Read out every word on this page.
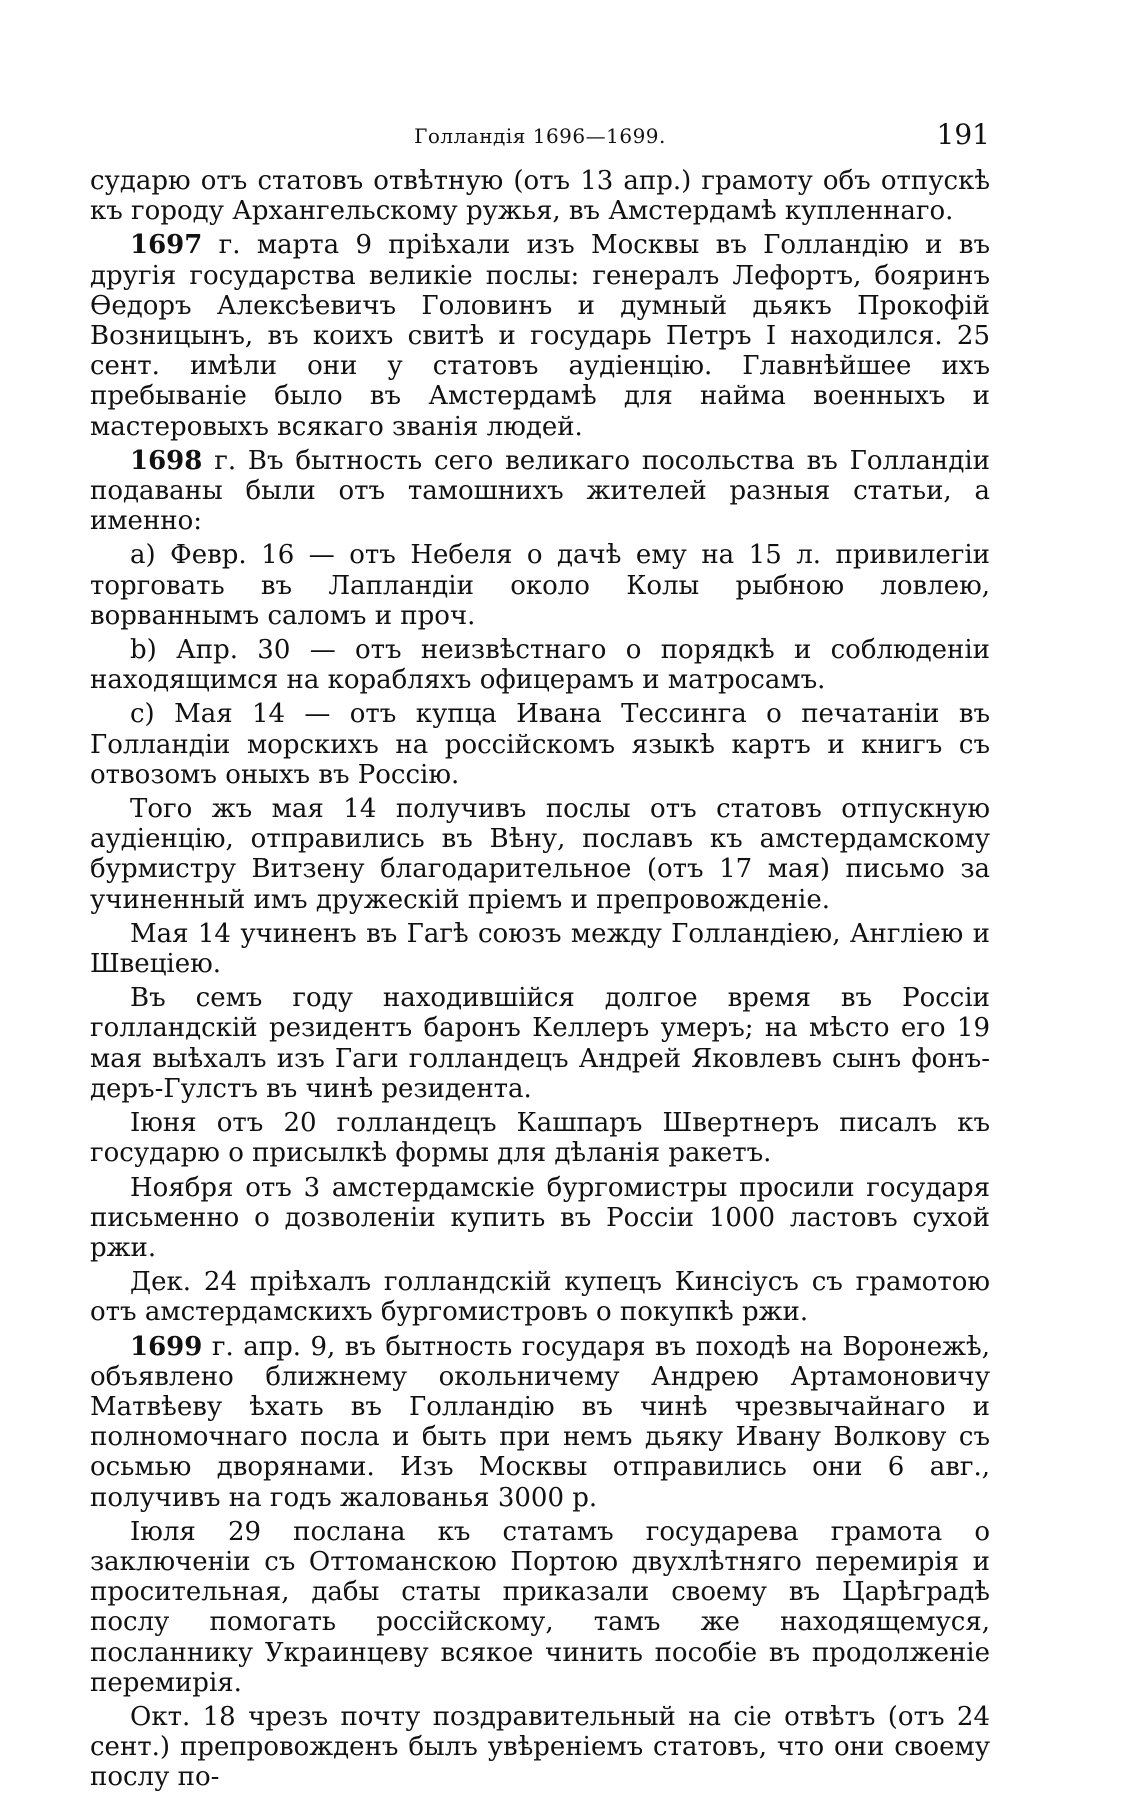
Голландія 1696—1699.	191

сударю отъ статовъ отвѣтную (отъ 13 апр.) грамоту объ отпускѣ къ городу Архангельскому ружья, въ Амстердамѣ купленнаго.

1697 г. марта 9 пріѣхали изъ Москвы въ Голландію и въ другія государства великіе послы: генералъ Лефортъ, бояринъ Ѳедоръ Алексѣевичъ Головинъ и думный дьякъ Прокофій Возницынъ, въ коихъ свитѣ и государь Петръ I находился. 25 сент. имѣли они у статовъ аудіенцію. Главнѣйшее ихъ пребываніе было въ Амстердамѣ для найма военныхъ и мастеровыхъ всякаго званія людей.

1698 г. Въ бытность сего великаго посольства въ Голландіи подаваны были отъ тамошнихъ жителей разныя статьи, а именно:

a) Февр. 16 — отъ Небеля о дачѣ ему на 15 л. привилегіи торговать въ Лапландіи около Колы рыбною ловлею, ворваннымъ саломъ и проч.

b) Апр. 30 — отъ неизвѣстнаго о порядкѣ и соблюденіи находящимся на корабляхъ офицерамъ и матросамъ.

c) Мая 14 — отъ купца Ивана Тессинга о печатаніи въ Голландіи морскихъ на россійскомъ языкѣ картъ и книгъ съ отвозомъ оныхъ въ Россію.

Того жъ мая 14 получивъ послы отъ статовъ отпускную аудіенцію, отправились въ Вѣну, пославъ къ амстердамскому бурмистру Витзену благодарительное (отъ 17 мая) письмо за учиненный имъ дружескій пріемъ и препровожденіе.

Мая 14 учиненъ въ Гагѣ союзъ между Голландіею, Англіею и Швеціею.

Въ семъ году находившійся долгое время въ Россіи голландскій резидентъ баронъ Келлеръ умеръ; на мѣсто его 19 мая выѣхалъ изъ Гаги голландецъ Андрей Яковлевъ сынъ фонъ-деръ-Гулстъ въ чинѣ резидента.

Іюня отъ 20 голландецъ Кашпаръ Швертнеръ писалъ къ государю о присылкѣ формы для дѣланія ракетъ.

Ноября отъ 3 амстердамскіе бургомистры просили государя письменно о дозволеніи купить въ Россіи 1000 ластовъ сухой ржи.

Дек. 24 пріѣхалъ голландскій купецъ Кинсіусъ съ грамотою отъ амстердамскихъ бургомистровъ о покупкѣ ржи.

1699 г. апр. 9, въ бытность государя въ походѣ на Воронежѣ, объявлено ближнему окольничему Андрею Артамоновичу Матвѣеву ѣхать въ Голландію въ чинѣ чрезвычайнаго и полномочнаго посла и быть при немъ дьяку Ивану Волкову съ осьмью дворянами. Изъ Москвы отправились они 6 авг., получивъ на годъ жалованья 3000 р.

Іюля 29 послана къ статамъ государева грамота о заключеніи съ Оттоманскою Портою двухлѣтняго перемирія и просительная, дабы статы приказали своему въ Царѣградѣ послу помогать россійскому, тамъ же находящемуся, посланнику Украинцеву всякое чинить пособіе въ продолженіе перемирія.

Окт. 18 чрезъ почту поздравительный на сіе отвѣтъ (отъ 24 сент.) препровожденъ былъ увѣреніемъ статовъ, что они своему послу по-
